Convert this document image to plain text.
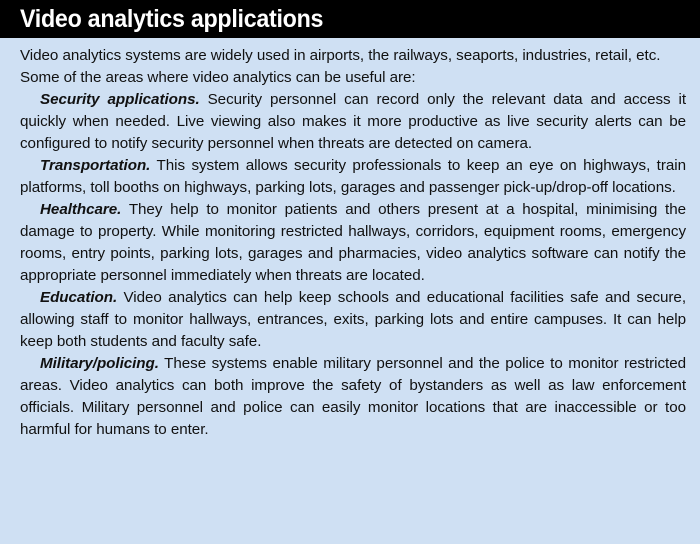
Video analytics applications

Video analytics systems are widely used in airports, the railways, seaports, industries, retail, etc. Some of the areas where video analytics can be useful are:

Security applications. Security personnel can record only the relevant data and access it quickly when needed. Live viewing also makes it more productive as live security alerts can be configured to notify security personnel when threats are detected on camera.

Transportation. This system allows security professionals to keep an eye on highways, train platforms, toll booths on highways, parking lots, garages and passenger pick-up/drop-off locations.

Healthcare. They help to monitor patients and others present at a hospital, minimising the damage to property. While monitoring restricted hallways, corridors, equipment rooms, emergency rooms, entry points, parking lots, garages and pharmacies, video analytics software can notify the appropriate personnel immediately when threats are located.

Education. Video analytics can help keep schools and educational facilities safe and secure, allowing staff to monitor hallways, entrances, exits, parking lots and entire campuses. It can help keep both students and faculty safe.

Military/policing. These systems enable military personnel and the police to monitor restricted areas. Video analytics can both improve the safety of bystanders as well as law enforcement officials. Military personnel and police can easily monitor locations that are inaccessible or too harmful for humans to enter.
